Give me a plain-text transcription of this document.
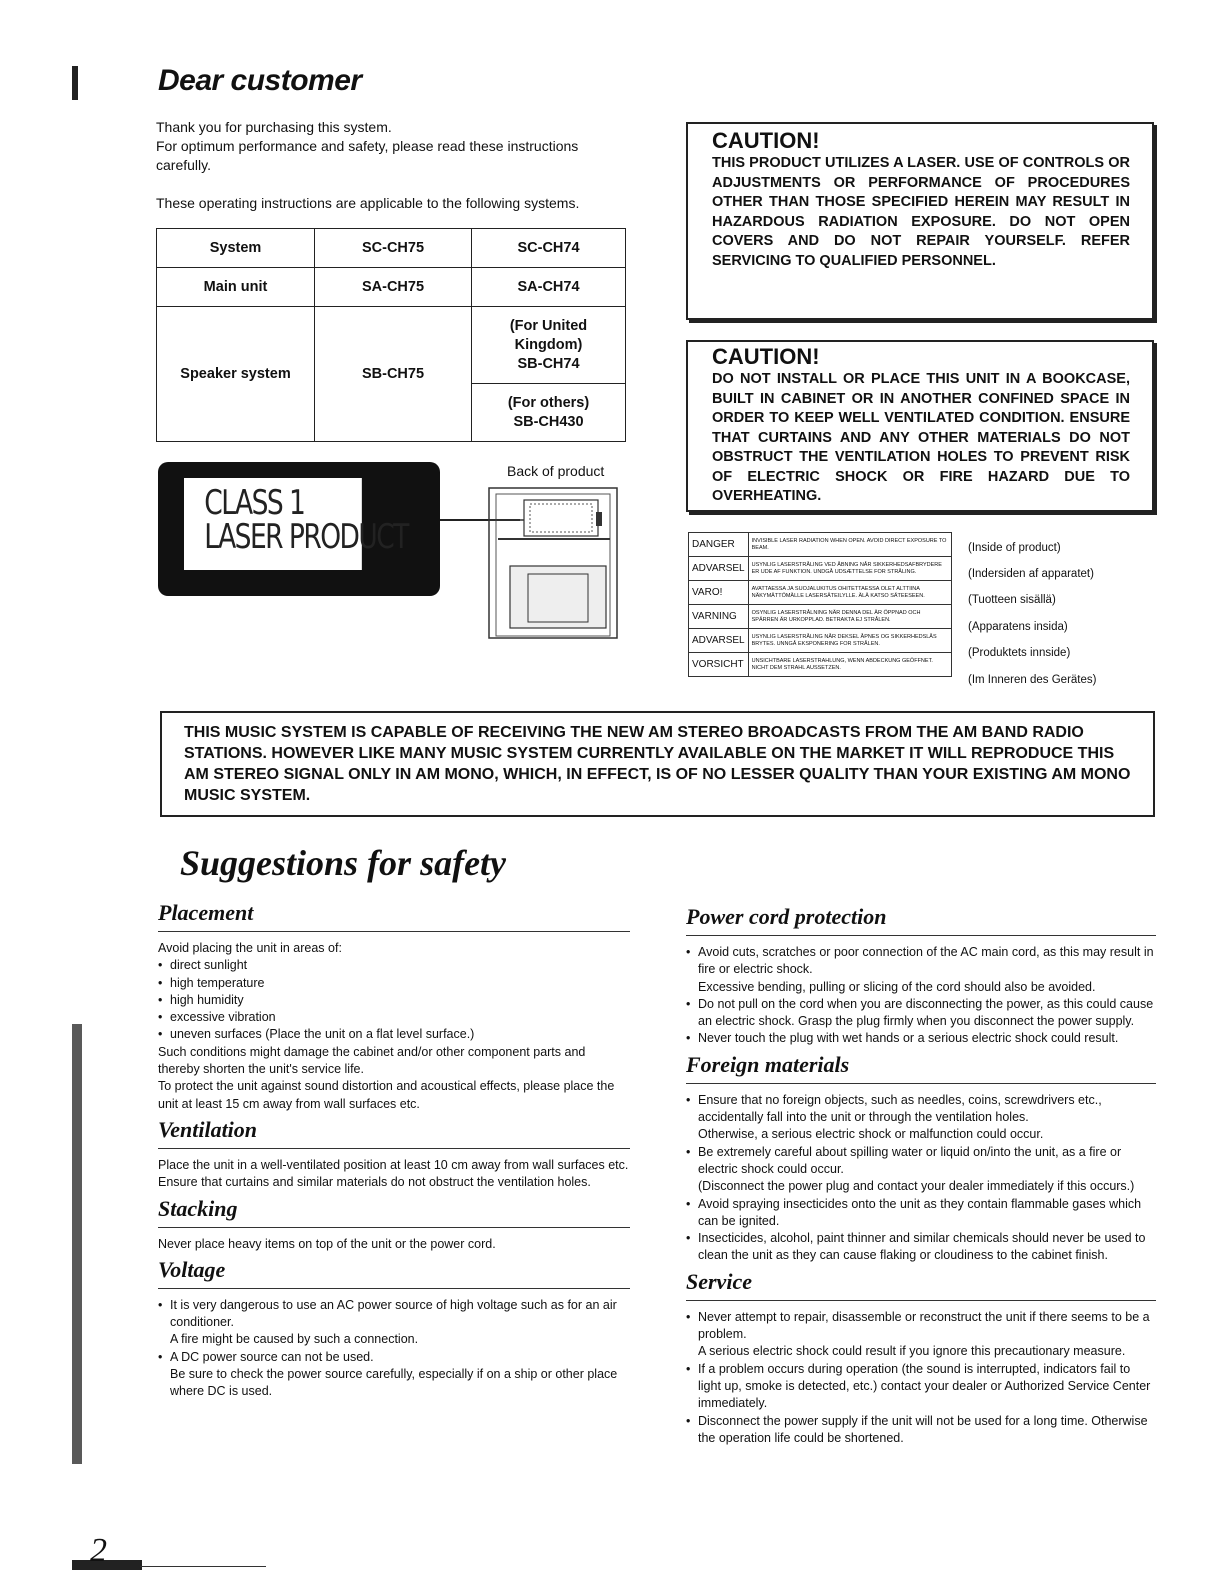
Dear customer

Thank you for purchasing this system.

For optimum performance and safety, please read these instructions carefully.

These operating instructions are applicable to the following systems.

System	SC-CH75	SC-CH74
Main unit	SA-CH75	SA-CH74
Speaker system	SB-CH75	(For United Kingdom)
SB-CH74

		(For others)
SB-CH430
CLASS 1
LASER PRODUCT
Back of product
CAUTION!
THIS PRODUCT UTILIZES A LASER. USE OF CONTROLS OR ADJUSTMENTS OR PERFORMANCE OF PROCEDURES OTHER THAN THOSE SPECIFIED HEREIN MAY RESULT IN HAZARDOUS RADIATION EXPOSURE. DO NOT OPEN COVERS AND DO NOT REPAIR YOURSELF. REFER SERVICING TO QUALIFIED PERSONNEL.
CAUTION!
DO NOT INSTALL OR PLACE THIS UNIT IN A BOOKCASE, BUILT IN CABINET OR IN ANOTHER CONFINED SPACE IN ORDER TO KEEP WELL VENTILATED CONDITION. ENSURE THAT CURTAINS AND ANY OTHER MATERIALS DO NOT OBSTRUCT THE VENTILATION HOLES TO PREVENT RISK OF ELECTRIC SHOCK OR FIRE HAZARD DUE TO OVERHEATING.
DANGER	INVISIBLE LASER RADIATION WHEN OPEN. AVOID DIRECT EXPOSURE TO BEAM.
ADVARSEL	USYNLIG LASERSTRÅLING VED ÅBNING NÅR SIKKERHEDSAFBRYDERE ER UDE AF FUNKTION. UNDGÅ UDSÆTTELSE FOR STRÅLING.
VARO!	AVATTAESSA JA SUOJALUKITUS OHITETTAESSA OLET ALTTIINA NÄKYMÄTTÖMÄLLE LASERSÄTEILYLLE. ÄLÄ KATSO SÄTEESEEN.
VARNING	OSYNLIG LASERSTRÅLNING NÄR DENNA DEL ÄR ÖPPNAD OCH SPÄRREN ÄR URKOPPLAD. BETRAKTA EJ STRÅLEN.
ADVARSEL	USYNLIG LASERSTRÅLING NÅR DEKSEL ÅPNES OG SIKKERHEDSLÅS BRYTES. UNNGÅ EKSPONERING FOR STRÅLEN.
VORSICHT	UNSICHTBARE LASERSTRAHLUNG, WENN ABDECKUNG GEÖFFNET. NICHT DEM STRAHL AUSSETZEN.
(Inside of product)
(Indersiden af apparatet)
(Tuotteen sisällä)
(Apparatens insida)
(Produktets innside)
(Im Inneren des Gerätes)
THIS MUSIC SYSTEM IS CAPABLE OF RECEIVING THE NEW AM STEREO BROADCASTS FROM THE AM BAND RADIO STATIONS. HOWEVER LIKE MANY MUSIC SYSTEM CURRENTLY AVAILABLE ON THE MARKET IT WILL REPRODUCE THIS AM STEREO SIGNAL ONLY IN AM MONO, WHICH, IN EFFECT, IS OF NO LESSER QUALITY THAN YOUR EXISTING AM MONO MUSIC SYSTEM.
Suggestions for safety
Placement

Avoid placing the unit in areas of:

• direct sunlight
• high temperature
• high humidity
• excessive vibration
• uneven surfaces (Place the unit on a flat level surface.)

Such conditions might damage the cabinet and/or other component parts and thereby shorten the unit's service life.

To protect the unit against sound distortion and acoustical effects, please place the unit at least 15 cm away from wall surfaces etc.

Ventilation

Place the unit in a well-ventilated position at least 10 cm away from wall surfaces etc.

Ensure that curtains and similar materials do not obstruct the ventilation holes.

Stacking

Never place heavy items on top of the unit or the power cord.

Voltage
• It is very dangerous to use an AC power source of high voltage such as for an air conditioner.
A fire might be caused by such a connection.
• A DC power source can not be used.
Be sure to check the power source carefully, especially if on a ship or other place where DC is used.
Power cord protection
• Avoid cuts, scratches or poor connection of the AC main cord, as this may result in fire or electric shock.
Excessive bending, pulling or slicing of the cord should also be avoided.
• Do not pull on the cord when you are disconnecting the power, as this could cause an electric shock. Grasp the plug firmly when you disconnect the power supply.
• Never touch the plug with wet hands or a serious electric shock could result.
Foreign materials
• Ensure that no foreign objects, such as needles, coins, screwdrivers etc., accidentally fall into the unit or through the ventilation holes.
Otherwise, a serious electric shock or malfunction could occur.
• Be extremely careful about spilling water or liquid on/into the unit, as a fire or electric shock could occur.
(Disconnect the power plug and contact your dealer immediately if this occurs.)
• Avoid spraying insecticides onto the unit as they contain flammable gases which can be ignited.
• Insecticides, alcohol, paint thinner and similar chemicals should never be used to clean the unit as they can cause flaking or cloudiness to the cabinet finish.
Service
• Never attempt to repair, disassemble or reconstruct the unit if there seems to be a problem.
A serious electric shock could result if you ignore this precautionary measure.
• If a problem occurs during operation (the sound is interrupted, indicators fail to light up, smoke is detected, etc.) contact your dealer or Authorized Service Center immediately.
• Disconnect the power supply if the unit will not be used for a long time. Otherwise the operation life could be shortened.
2
